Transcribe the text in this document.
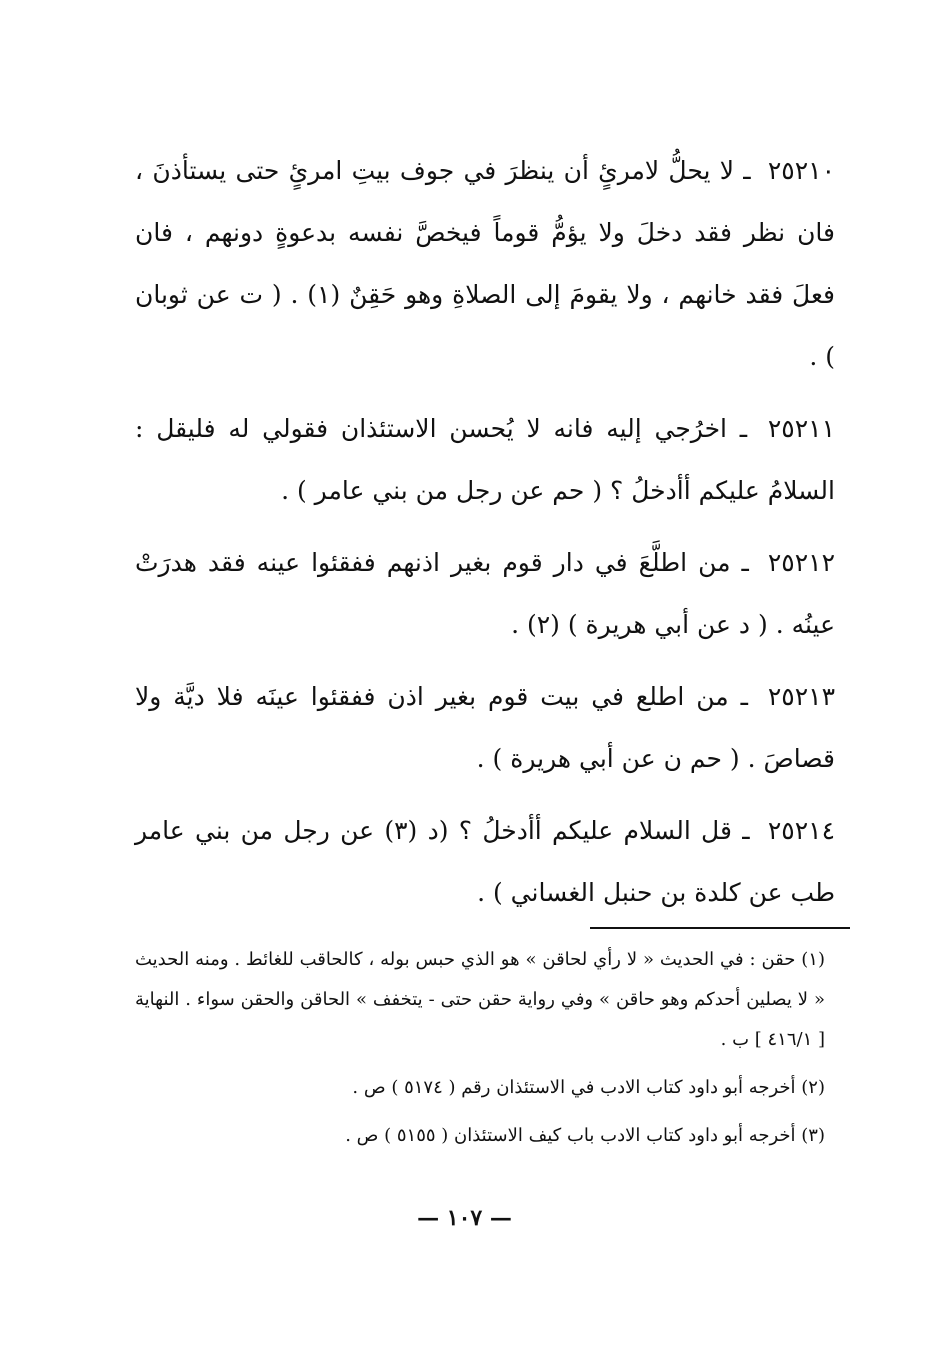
٢٥٢١٠ ـ لا يحلُّ لامرئٍ أن ينظرَ في جوف بيتِ امرئٍ حتى يستأذنَ ، فان نظر فقد دخلَ ولا يؤمُّ قوماً فيخصَّ نفسه بدعوةٍ دونهم ، فان فعلَ فقد خانهم ، ولا يقومَ إلى الصلاةِ وهو حَقِنٌ (١) . ( ت عن ثوبان ) .

٢٥٢١١ ـ اخرُجي إليه فانه لا يُحسن الاستئذان فقولي له فليقل : السلامُ عليكم أأدخلُ ؟ ( حم عن رجل من بني عامر ) .

٢٥٢١٢ ـ من اطلَّعَ في دار قوم بغير اذنهم ففقئوا عينه فقد هدرَتْ عينُه . ( د عن أبي هريرة ) (٢) .

٢٥٢١٣ ـ من اطلع في بيت قوم بغير اذن ففقئوا عينَه فلا ديَّة ولا قصاصَ . ( حم ن عن أبي هريرة ) .

٢٥٢١٤ ـ قل السلام عليكم أأدخلُ ؟ (د (٣) عن رجل من بني عامر طب عن كلدة بن حنبل الغساني ) .

(١) حقن : في الحديث « لا رأي لحاقن » هو الذي حبس بوله ، كالحاقب للغائط . ومنه الحديث « لا يصلين أحدكم وهو حاقن » وفي رواية حقن حتى - يتخفف » الحاقن والحقن سواء . النهاية [ ٤١٦/١ ] ب .

(٢) أخرجه أبو داود كتاب الادب في الاستئذان رقم ( ٥١٧٤ ) ص .

(٣) أخرجه أبو داود كتاب الادب باب كيف الاستئذان ( ٥١٥٥ ) ص .

— ١٠٧ —
